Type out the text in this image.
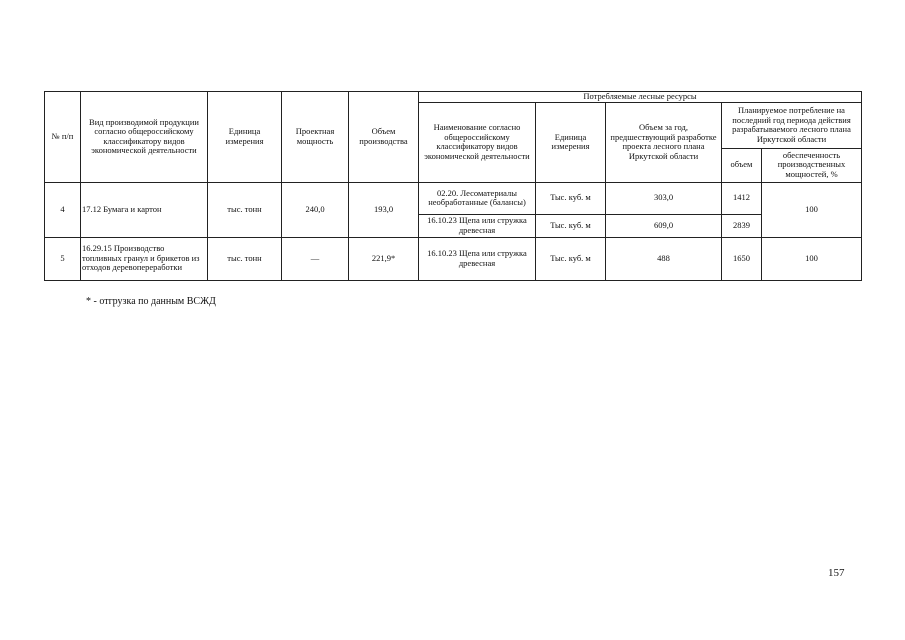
№ п/п	Вид производимой продукции согласно общероссийскому классификатору видов экономической деятельности	Единица измерения	Проектная мощность	Объем производства	Потребляемые лесные ресурсы				
					Наименование согласно общероссийскому классификатору видов экономической деятельности	Единица измерения	Объем за год, предшествующий разработке проекта лесного плана Иркутской области	Планируемое потребление на последний год периода действия разрабатываемого лесного плана Иркутской области	
								объем	обеспеченность производственных мощностей, %
4	17.12 Бумага и картон	тыс. тонн	240,0	193,0	02.20. Лесоматериалы необработанные (балансы)	Тыс. куб. м	303,0	1412	100
					16.10.23 Щепа или стружка древесная	Тыс. куб. м	609,0	2839	
5	16.29.15 Производство топливных гранул и брикетов из отходов деревопереработки	тыс. тонн	—	221,9*	16.10.23 Щепа или стружка древесная	Тыс. куб. м	488	1650	100
* - отгрузка по данным ВСЖД
157
